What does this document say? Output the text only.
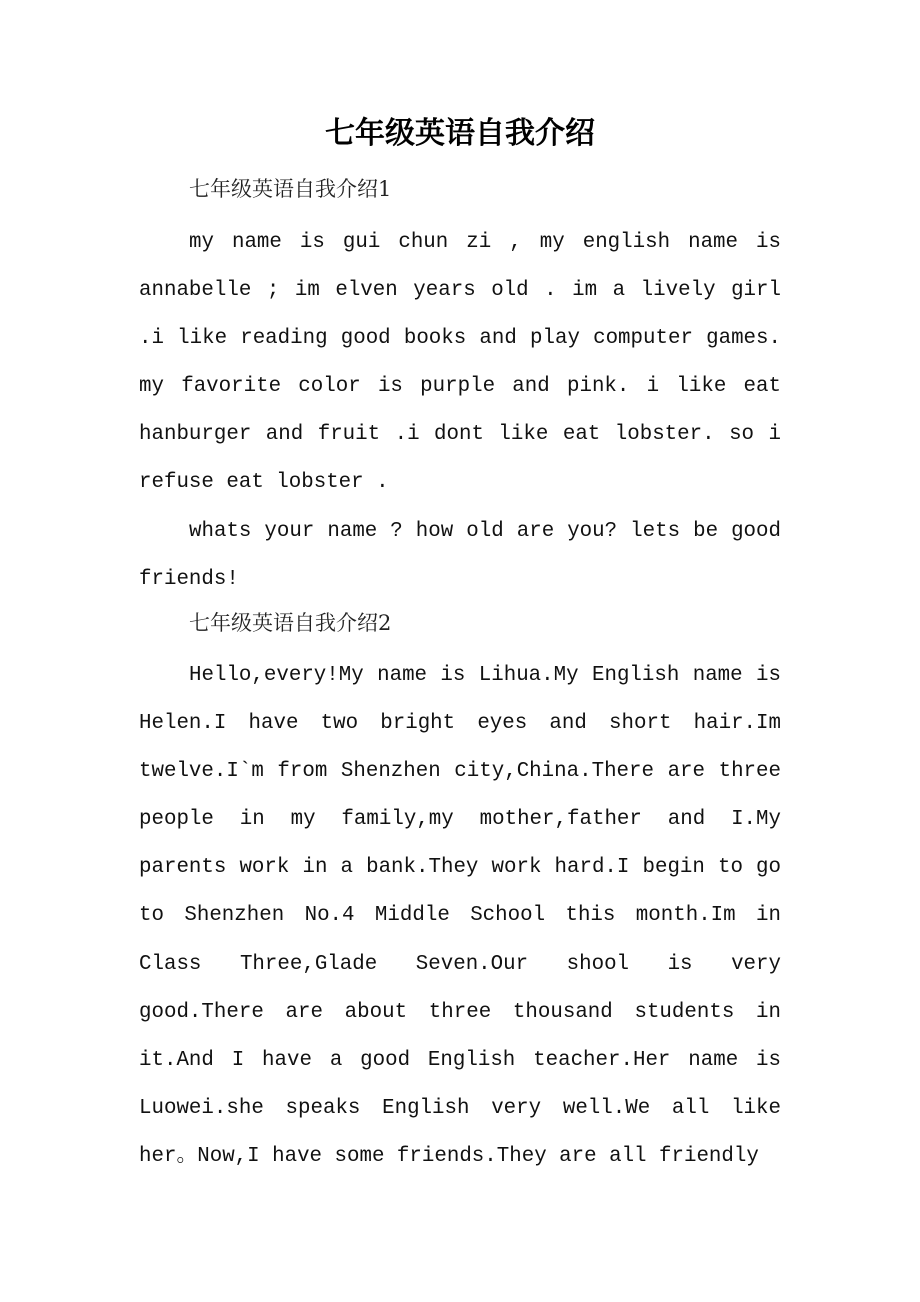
七年级英语自我介绍
七年级英语自我介绍1

my name is gui chun zi , my english name is annabelle ; im elven years old . im a lively girl .i like reading good books and play computer games. my favorite color is purple and pink. i like eat hanburger and fruit .i dont like eat lobster. so i refuse eat lobster .

whats your name ? how old are you? lets be good friends!

七年级英语自我介绍2

Hello,every!My name is Lihua.My English name is Helen.I have two bright eyes and short hair.Im twelve.I`m from Shenzhen city,China.There are three people in my family,my mother,father and I.My parents work in a bank.They work hard.I begin to go to Shenzhen No.4 Middle School this month.Im in Class Three,Glade Seven.Our shool is very good.There are about three thousand students in it.And I have a good English teacher.Her name is Luowei.she speaks English very well.We all like her。Now,I have some friends.They are all friendly
